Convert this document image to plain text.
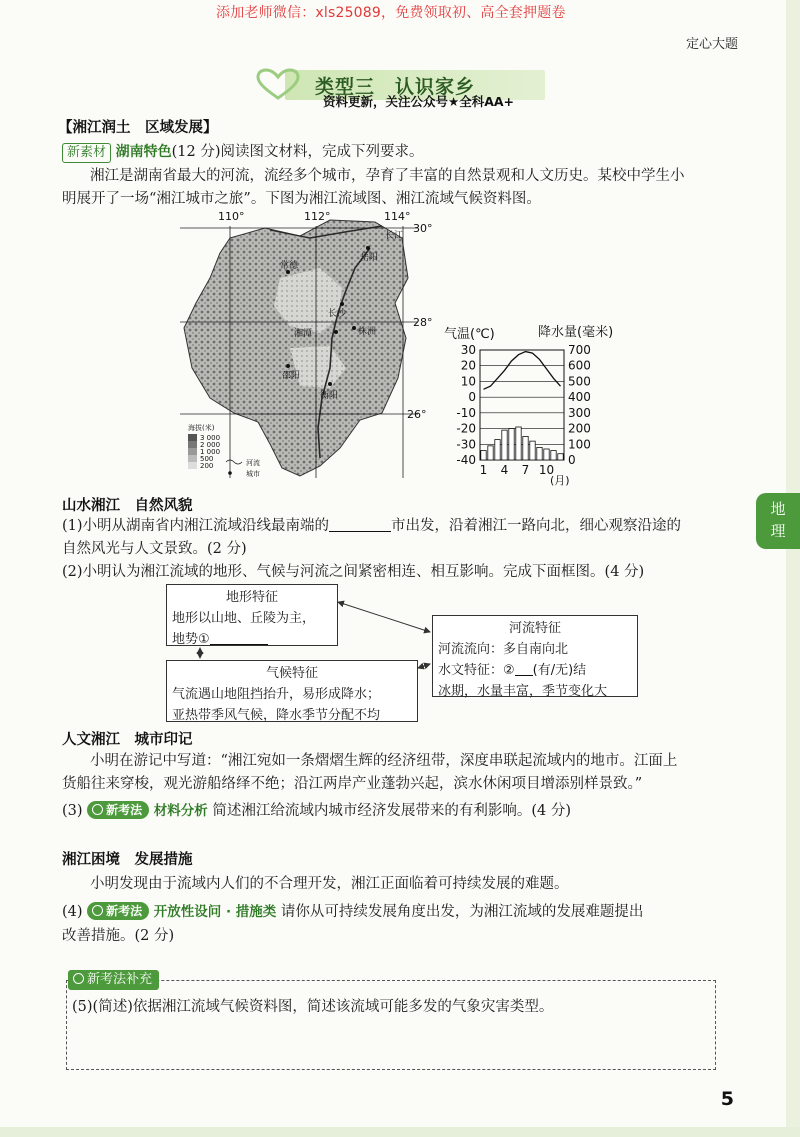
添加老师微信：xls25089，免费领取初、高全套押题卷
定心大题
类型三　认识家乡
资料更新，关注公众号★全科AA+
【湘江润土　区域发展】
新素材 湖南特色(12 分)阅读图文材料，完成下列要求。
湘江是湖南省最大的河流，流经多个城市，孕育了丰富的自然景观和人文历史。某校中学生小
明展开了一场“湘江城市之旅”。下图为湘江流域图、湘江流域气候资料图。
110°	112°	114°
30°
28°
26°
长江
常德
岳阳
长沙
湘潭	株洲
邵阳
衡阳
海拔(米)
3 000
2 000
1 000
500
200	河流
城市
气温(℃)	降水量(毫米)
30
20
10
0
-10
-20
-30
-40
700
600
500
400
300
200
100
0
1 4 7 10
(月)
山水湘江　自然风貌
(1)小明从湖南省内湘江流域沿线最南端的	市出发，沿着湘江一路向北，细心观察沿途的
自然风光与人文景致。(2 分)
(2)小明认为湘江流域的地形、气候与河流之间紧密相连、相互影响。完成下面框图。(4 分)
地
理
地形特征
地形以山地、丘陵为主，
地势①
气候特征
气流遇山地阻挡抬升，易形成降水；
亚热带季风气候，降水季节分配不均
河流特征
河流流向：多自南向北
水文特征：② (有/无)结
冰期，水量丰富，季节变化大
人文湘江　城市印记
小明在游记中写道：“湘江宛如一条熠熠生辉的经济纽带，深度串联起流域内的地市。江面上
货船往来穿梭，观光游船络绎不绝；沿江两岸产业蓬勃兴起，滨水休闲项目增添别样景致。”
(3) 新考法 材料分析 简述湘江给流域内城市经济发展带来的有利影响。(4 分)
湘江困境　发展措施
小明发现由于流域内人们的不合理开发，湘江正面临着可持续发展的难题。
(4) 新考法 开放性设问 · 措施类 请你从可持续发展角度出发，为湘江流域的发展难题提出
改善措施。(2 分)
新考法补充
(5)(简述)依据湘江流域气候资料图，简述该流域可能多发的气象灾害类型。
5
